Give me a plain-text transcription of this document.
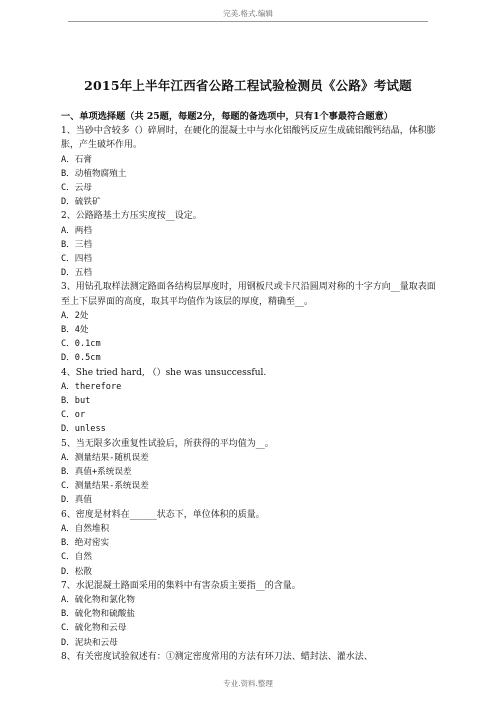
完美.格式.编辑
2015年上半年江西省公路工程试验检测员《公路》考试题
一、单项选择题（共 25题，每题2分，每题的备选项中，只有1个事最符合题意）

1、当砂中含较多（）碎屑时，在硬化的混凝土中与水化铝酸钙反应生成硫铝酸钙结晶，体积膨胀，产生破坏作用。

A．石膏

B．动植物腐殖土

C．云母

D．硫铁矿

2、公路路基土方压实度按__设定。

A．两档

B．三档

C．四档

D．五档

3、用钻孔取样法测定路面各结构层厚度时，用钢板尺或卡尺沿圆周对称的十字方向__量取表面至上下层界面的高度，取其平均值作为该层的厚度，精确至__。

A．2处

B．4处

C．0.1cm

D．0.5cm

4、She tried hard, （）she was unsuccessful.

A．therefore

B．but

C．or

D．unless

5、当无限多次重复性试验后，所获得的平均值为__。

A．测量结果-随机误差

B．真值+系统误差

C．测量结果-系统误差

D．真值

6、密度是材料在______状态下，单位体积的质量。

A．自然堆积

B．绝对密实

C．自然

D．松散

7、水泥混凝土路面采用的集料中有害杂质主要指__的含量。

A．硫化物和氯化物

B．硫化物和硫酸盐

C．硫化物和云母

D．泥块和云母

8、有关密度试验叙述有：①测定密度常用的方法有环刀法、蜡封法、灌水法、

专业.资料.整理
